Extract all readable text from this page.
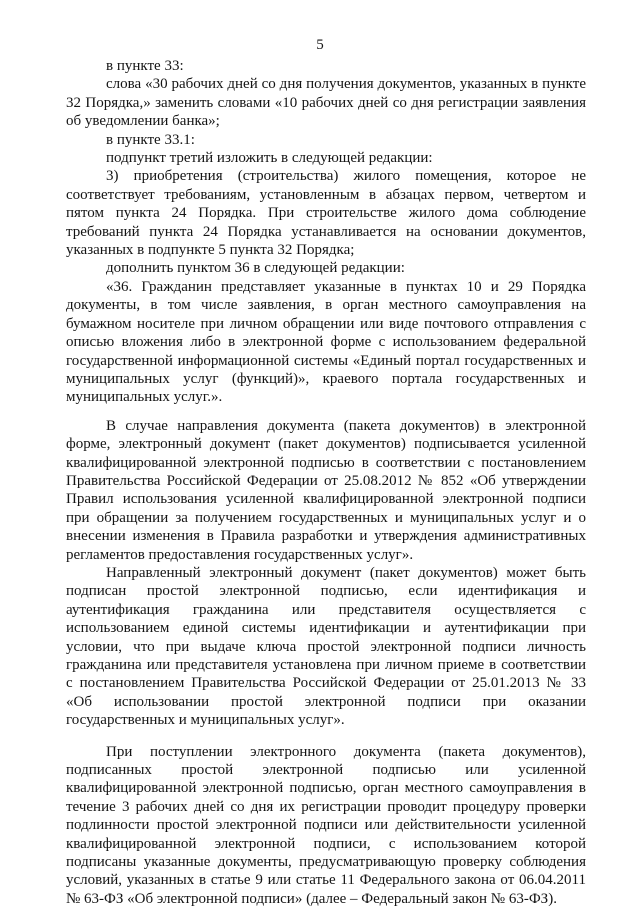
5

в пункте 33:

слова «30 рабочих дней со дня получения документов, указанных в пункте 32 Порядка,» заменить словами «10 рабочих дней со дня регистрации заявления об уведомлении банка»;

в пункте 33.1:

подпункт третий изложить в следующей редакции:

3) приобретения (строительства) жилого помещения, которое не соответствует требованиям, установленным в абзацах первом, четвертом и пятом пункта 24 Порядка. При строительстве жилого дома соблюдение требований пункта 24 Порядка устанавливается на основании документов, указанных в подпункте 5 пункта 32 Порядка;

дополнить пунктом 36 в следующей редакции:

«36. Гражданин представляет указанные в пунктах 10 и 29 Порядка документы, в том числе заявления, в орган местного самоуправления на бумажном носителе при личном обращении или виде почтового отправления с описью вложения либо в электронной форме с использованием федеральной государственной информационной системы «Единый портал государственных и муниципальных услуг (функций)», краевого портала государственных и муниципальных услуг.».

В случае направления документа (пакета документов) в электронной форме, электронный документ (пакет документов) подписывается усиленной квалифицированной электронной подписью в соответствии с постановлением Правительства Российской Федерации от 25.08.2012 № 852 «Об утверждении Правил использования усиленной квалифицированной электронной подписи при обращении за получением государственных и муниципальных услуг и о внесении изменения в Правила разработки и утверждения административных регламентов предоставления государственных услуг».

Направленный электронный документ (пакет документов) может быть подписан простой электронной подписью, если идентификация и аутентификация гражданина или представителя осуществляется с использованием единой системы идентификации и аутентификации при условии, что при выдаче ключа простой электронной подписи личность гражданина или представителя установлена при личном приеме в соответствии с постановлением Правительства Российской Федерации от 25.01.2013 № 33 «Об использовании простой электронной подписи при оказании государственных и муниципальных услуг».

При поступлении электронного документа (пакета документов), подписанных простой электронной подписью или усиленной квалифицированной электронной подписью, орган местного самоуправления в течение 3 рабочих дней со дня их регистрации проводит процедуру проверки подлинности простой электронной подписи или действительности усиленной квалифицированной электронной подписи, с использованием которой подписаны указанные документы, предусматривающую проверку соблюдения условий, указанных в статье 9 или статье 11 Федерального закона от 06.04.2011 № 63-ФЗ «Об электронной подписи» (далее – Федеральный закон № 63-ФЗ).
